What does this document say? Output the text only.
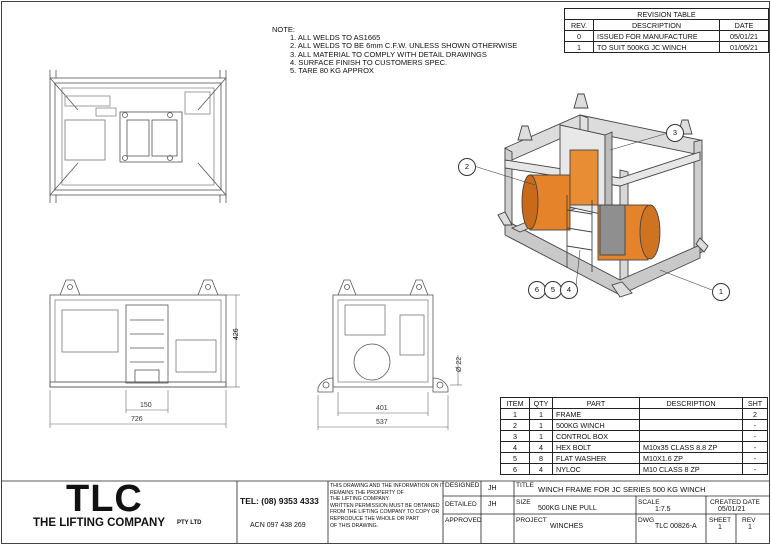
1
2
3
6	5	4
426
150
726
401
537
Ø 22
NOTE:
1. ALL WELDS TO AS1665
2. ALL WELDS TO BE 6mm C.F.W. UNLESS SHOWN OTHERWISE
3. ALL MATERIAL TO COMPLY WITH DETAIL DRAWINGS
4. SURFACE FINISH TO CUSTOMERS SPEC.
5. TARE 80 KG APPROX
REVISION TABLE		
REV.	DESCRIPTION	DATE
0	ISSUED FOR MANUFACTURE	05/01/21
1	TO SUIT 500KG JC WINCH	01/05/21
ITEM	QTY	PART	DESCRIPTION	SHT
1	1	FRAME		2
2	1	500KG WINCH		-
3	1	CONTROL BOX		-
4	4	HEX BOLT	M10x35 CLASS 8.8 ZP	-
5	8	FLAT WASHER	M10X1.6 ZP	-
6	4	NYLOC	M10 CLASS 8 ZP	-
TLC
THE LIFTING COMPANY PTY LTD
TEL: (08) 9353 4333
ACN 097 438 269
THIS DRAWING AND THE INFORMATION ON IT
REMAINS THE PROPERTY OF
THE LIFTING COMPANY.
WRITTEN PERMISSION MUST BE OBTAINED
FROM THE LIFTING COMPANY TO COPY OR
REPRODUCE THE WHOLE OR PART
OF THIS DRAWING.
DESIGNED JH
DETAILED JH
APPROVED
TITLE WINCH FRAME FOR JC SERIES 500 KG WINCH
SIZE
500KG LINE PULL
SCALE
1:7.5
CREATED DATE
05/01/21
PROJECT
WINCHES
DWG
TLC 00826-A
SHEET
1
REV
1
